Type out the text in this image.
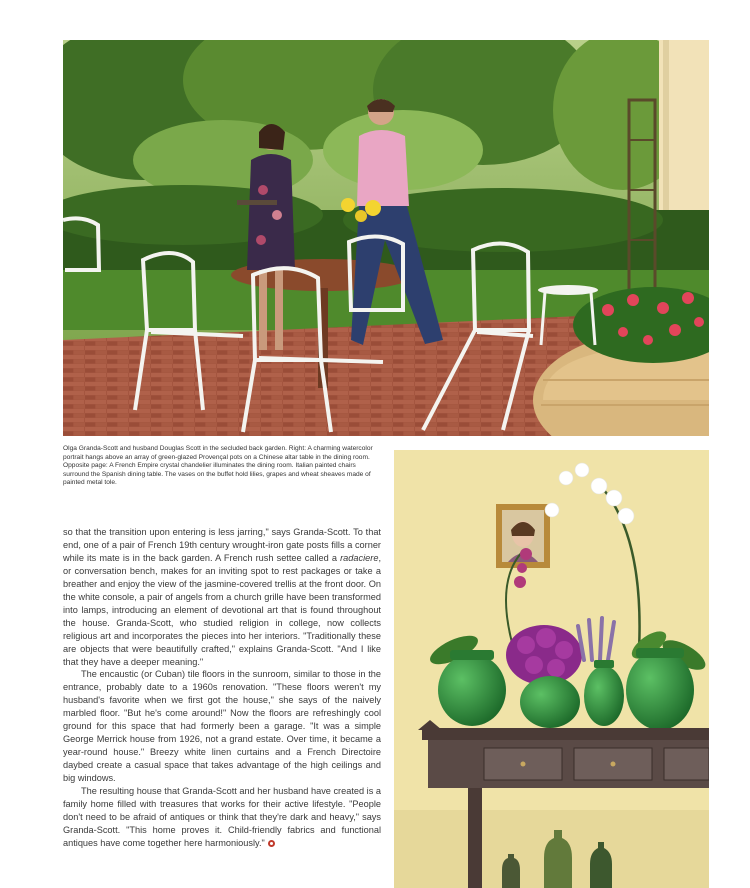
Olga Granda-Scott and husband Douglas Scott in the secluded back garden. Right: A charming watercolor portrait hangs above an array of green-glazed Provençal pots on a Chinese altar table in the dining room. Opposite page: A French Empire crystal chandelier illuminates the dining room. Italian painted chairs surround the Spanish dining table. The vases on the buffet hold lilies, grapes and wheat sheaves made of painted metal tole.

so that the transition upon entering is less jarring," says Granda-Scott. To that end, one of a pair of French 19th century wrought-iron gate posts fills a corner while its mate is in the back garden. A French rush settee called a radaciere, or conversation bench, makes for an inviting spot to rest packages or take a breather and enjoy the view of the jasmine-covered trellis at the front door. On the white console, a pair of angels from a church grille have been transformed into lamps, introducing an element of devotional art that is found throughout the house. Granda-Scott, who studied religion in college, now collects religious art and incorporates the pieces into her interiors. "Traditionally these are objects that were beautifully crafted," explains Granda-Scott. "And I like that they have a deeper meaning."

The encaustic (or Cuban) tile floors in the sunroom, similar to those in the entrance, probably date to a 1960s renovation. "These floors weren't my husband's favorite when we first got the house," she says of the naively marbled floor. "But he's come around!" Now the floors are refreshingly cool ground for this space that had formerly been a garage. "It was a simple George Merrick house from 1926, not a grand estate. Over time, it became a year-round house." Breezy white linen curtains and a French Directoire daybed create a casual space that takes advantage of the high ceilings and big windows.

The resulting house that Granda-Scott and her husband have created is a family home filled with treasures that works for their active lifestyle. "People don't need to be afraid of antiques or think that they're dark and heavy," says Granda-Scott. "This home proves it. Child-friendly fabrics and functional antiques have come together here harmoniously."
